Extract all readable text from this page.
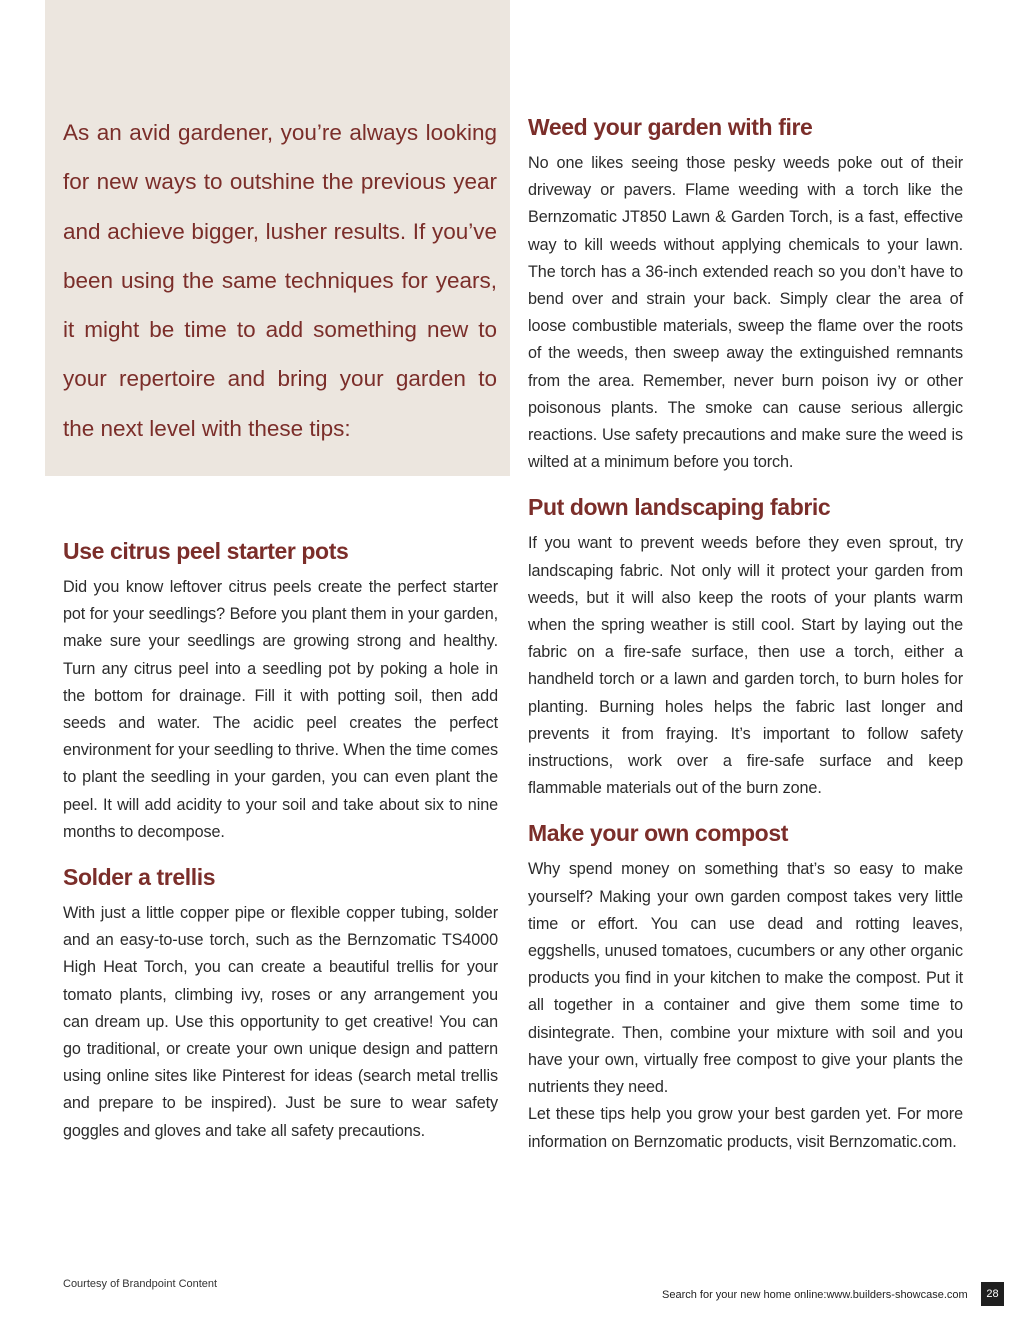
As an avid gardener, you’re always looking for new ways to outshine the previous year and achieve bigger, lusher results. If you’ve been using the same techniques for years, it might be time to add something new to your repertoire and bring your garden to the next level with these tips:

Use citrus peel starter pots

Did you know leftover citrus peels create the perfect starter pot for your seedlings? Before you plant them in your garden, make sure your seedlings are growing strong and healthy. Turn any citrus peel into a seedling pot by poking a hole in the bottom for drainage. Fill it with potting soil, then add seeds and water. The acidic peel creates the perfect environment for your seedling to thrive. When the time comes to plant the seedling in your garden, you can even plant the peel. It will add acidity to your soil and take about six to nine months to decompose.

Solder a trellis

With just a little copper pipe or flexible copper tubing, solder and an easy-to-use torch, such as the Bernzomatic TS4000 High Heat Torch, you can create a beautiful trellis for your tomato plants, climbing ivy, roses or any arrangement you can dream up. Use this opportunity to get creative! You can go traditional, or create your own unique design and pattern using online sites like Pinterest for ideas (search metal trellis and prepare to be inspired). Just be sure to wear safety goggles and gloves and take all safety precautions.

Weed your garden with fire

No one likes seeing those pesky weeds poke out of their driveway or pavers. Flame weeding with a torch like the Bernzomatic JT850 Lawn & Garden Torch, is a fast, effective way to kill weeds without applying chemicals to your lawn. The torch has a 36-inch extended reach so you don’t have to bend over and strain your back. Simply clear the area of loose combustible materials, sweep the flame over the roots of the weeds, then sweep away the extinguished remnants from the area. Remember, never burn poison ivy or other poisonous plants. The smoke can cause serious allergic reactions. Use safety precautions and make sure the weed is wilted at a minimum before you torch.

Put down landscaping fabric

If you want to prevent weeds before they even sprout, try landscaping fabric. Not only will it protect your garden from weeds, but it will also keep the roots of your plants warm when the spring weather is still cool. Start by laying out the fabric on a fire-safe surface, then use a torch, either a handheld torch or a lawn and garden torch, to burn holes for planting. Burning holes helps the fabric last longer and prevents it from fraying. It’s important to follow safety instructions, work over a fire-safe surface and keep flammable materials out of the burn zone.

Make your own compost

Why spend money on something that’s so easy to make yourself? Making your own garden compost takes very little time or effort. You can use dead and rotting leaves, eggshells, unused tomatoes, cucumbers or any other organic products you find in your kitchen to make the compost. Put it all together in a container and give them some time to disintegrate. Then, combine your mixture with soil and you have your own, virtually free compost to give your plants the nutrients they need.

Let these tips help you grow your best garden yet. For more information on Bernzomatic products, visit Bernzomatic.com.

Courtesy of Brandpoint Content
Search for your new home online:www.builders-showcase.com	28
